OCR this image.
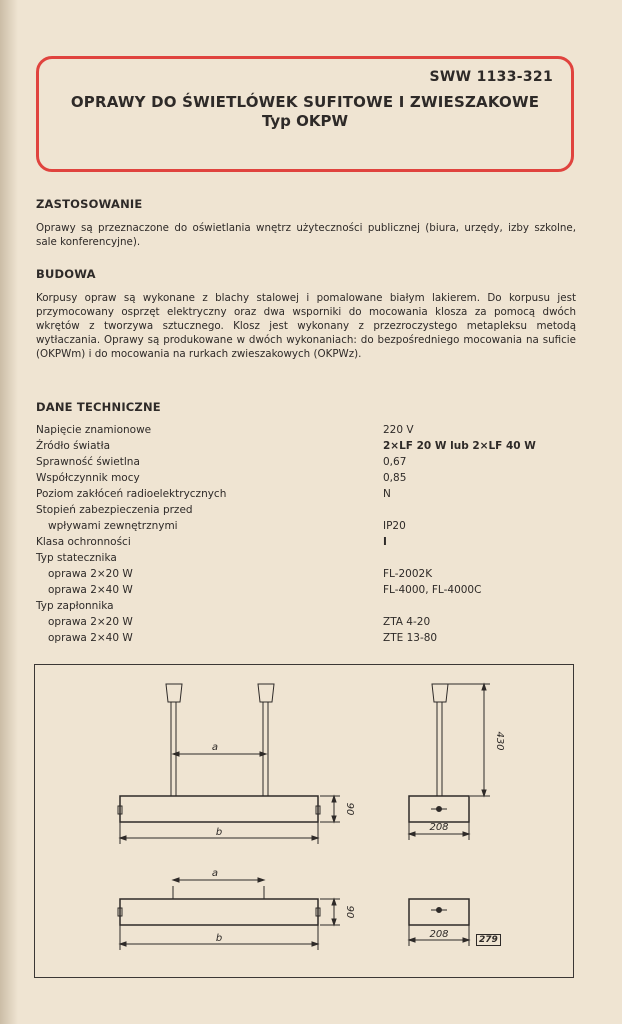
SWW 1133-321
OPRAWY DO ŚWIETLÓWEK SUFITOWE I ZWIESZAKOWE
Typ OKPW
ZASTOSOWANIE
Oprawy są przeznaczone do oświetlania wnętrz użyteczności publicznej (biura, urzędy, izby szkolne, sale konferencyjne).
BUDOWA
Korpusy opraw są wykonane z blachy stalowej i pomalowane białym lakierem. Do korpusu jest przymocowany osprzęt elektryczny oraz dwa wsporniki do mocowania klosza za pomocą dwóch wkrętów z tworzywa sztucznego. Klosz jest wykonany z przezroczystego metapleksu metodą wytłaczania. Oprawy są produkowane w dwóch wykonaniach: do bezpośredniego mocowania na suficie (OKPWm) i do mocowania na rurkach zwieszakowych (OKPWz).
DANE TECHNICZNE
Napięcie znamionowe	220 V
Źródło światła	2×LF 20 W lub 2×LF 40 W
Sprawność świetlna	0,67
Współczynnik mocy	0,85
Poziom zakłóceń radioelektrycznych	N
Stopień zabezpieczenia przed
wpływami zewnętrznymi	IP20
Klasa ochronności	I
Typ statecznika
oprawa 2×20 W	FL-2002K
oprawa 2×40 W	FL-4000, FL-4000C
Typ zapłonnika
oprawa 2×20 W	ZTA 4-20
oprawa 2×40 W	ZTE 13-80
a
b
90
430
208
a
b
90
208	279
